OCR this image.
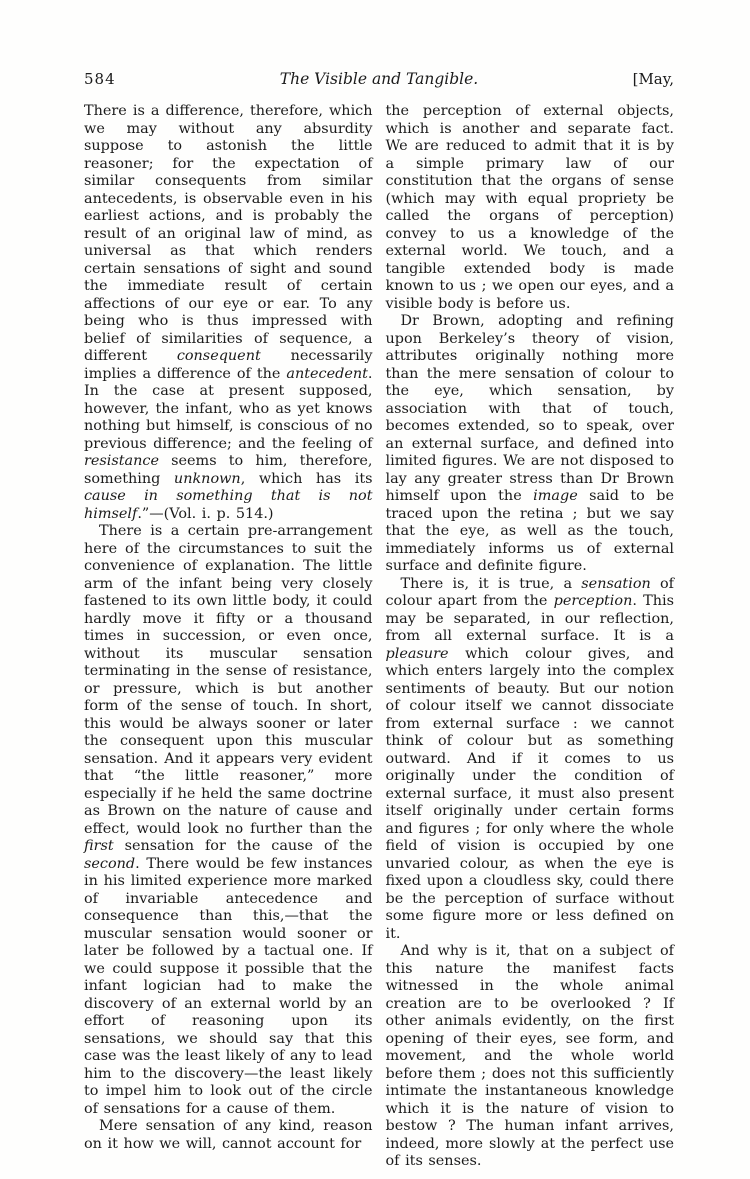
584	The Visible and Tangible.	[May,

There is a difference, therefore, which we may without any absurdity suppose to astonish the little reasoner; for the expectation of similar consequents from similar antecedents, is observable even in his earliest actions, and is probably the result of an original law of mind, as universal as that which renders certain sensations of sight and sound the immediate result of certain affections of our eye or ear. To any being who is thus impressed with belief of similarities of sequence, a different consequent necessarily implies a difference of the antecedent. In the case at present supposed, however, the infant, who as yet knows nothing but himself, is conscious of no previous difference; and the feeling of resistance seems to him, therefore, something unknown, which has its cause in something that is not himself.”—(Vol. i. p. 514.)

There is a certain pre-arrangement here of the circumstances to suit the convenience of explanation. The little arm of the infant being very closely fastened to its own little body, it could hardly move it fifty or a thousand times in succession, or even once, without its muscular sensation terminating in the sense of resistance, or pressure, which is but another form of the sense of touch. In short, this would be always sooner or later the consequent upon this muscular sensation. And it appears very evident that “the little reasoner,” more especially if he held the same doctrine as Brown on the nature of cause and effect, would look no further than the first sensation for the cause of the second. There would be few instances in his limited experience more marked of invariable antecedence and consequence than this,—that the muscular sensation would sooner or later be followed by a tactual one. If we could suppose it possible that the infant logician had to make the discovery of an external world by an effort of reasoning upon its sensations, we should say that this case was the least likely of any to lead him to the discovery—the least likely to impel him to look out of the circle of sensations for a cause of them.

Mere sensation of any kind, reason on it how we will, cannot account for

the perception of external objects, which is another and separate fact. We are reduced to admit that it is by a simple primary law of our constitution that the organs of sense (which may with equal propriety be called the organs of perception) convey to us a knowledge of the external world. We touch, and a tangible extended body is made known to us ; we open our eyes, and a visible body is before us.

Dr Brown, adopting and refining upon Berkeley’s theory of vision, attributes originally nothing more than the mere sensation of colour to the eye, which sensation, by association with that of touch, becomes extended, so to speak, over an external surface, and defined into limited figures. We are not disposed to lay any greater stress than Dr Brown himself upon the image said to be traced upon the retina ; but we say that the eye, as well as the touch, immediately informs us of external surface and definite figure.

There is, it is true, a sensation of colour apart from the perception. This may be separated, in our reflection, from all external surface. It is a pleasure which colour gives, and which enters largely into the complex sentiments of beauty. But our notion of colour itself we cannot dissociate from external surface : we cannot think of colour but as something outward. And if it comes to us originally under the condition of external surface, it must also present itself originally under certain forms and figures ; for only where the whole field of vision is occupied by one unvaried colour, as when the eye is fixed upon a cloudless sky, could there be the perception of surface without some figure more or less defined on it.

And why is it, that on a subject of this nature the manifest facts witnessed in the whole animal creation are to be overlooked ? If other animals evidently, on the first opening of their eyes, see form, and movement, and the whole world before them ; does not this sufficiently intimate the instantaneous knowledge which it is the nature of vision to bestow ? The human infant arrives, indeed, more slowly at the perfect use of its senses.
